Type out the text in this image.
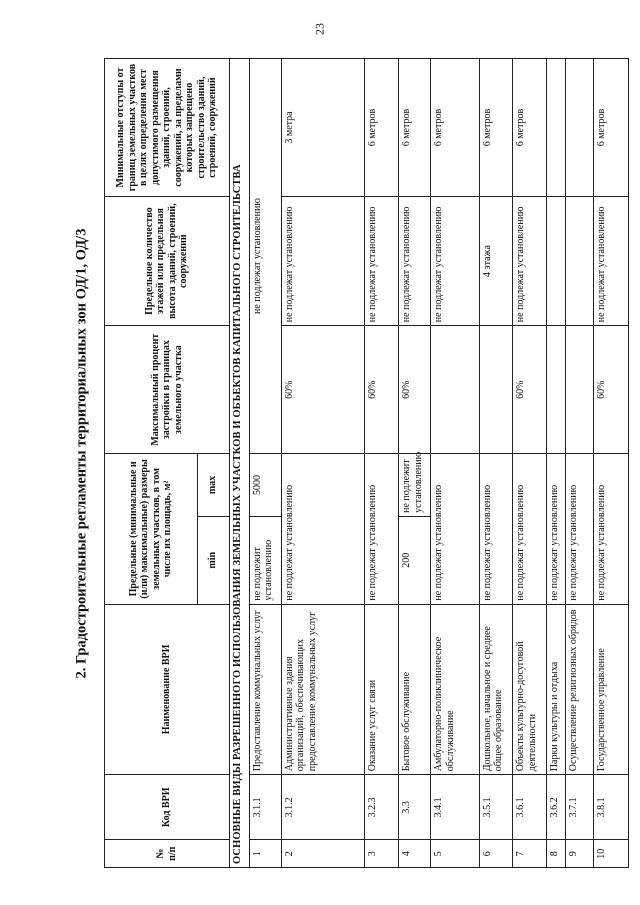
23
2. Градостроительные регламенты территориальных зон ОД/1, ОД/3
№ п/п	Код ВРИ	Наименование ВРИ	Предельные (минимальные и (или) максимальные) размеры земельных участков, в том числе их площадь, м²		Максимальный процент застройки в границах земельного участка	Предельное количество этажей или предельная высота зданий, строений, сооружений	Минимальные отступы от границ земельных участков в целях определения мест допустимого размещения зданий, строений, сооружений, за пределами которых запрещено строительство зданий, строений, сооружений
			min	max			
ОСНОВНЫЕ ВИДЫ РАЗРЕШЕННОГО ИСПОЛЬЗОВАНИЯ ЗЕМЕЛЬНЫХ УЧАСТКОВ И ОБЪЕКТОВ КАПИТАЛЬНОГО СТРОИТЕЛЬСТВА							
1	3.1.1	Предоставление коммунальных услуг	не подлежит установлению	5000	не подлежат установлению		
2	3.1.2	Административные здания организаций, обеспечивающих предоставление коммунальных услуг	не подлежат установлению		60%	не подлежат установлению	3 метра
3	3.2.3	Оказание услуг связи	не подлежат установлению		60%	не подлежат установлению	6 метров
4	3.3	Бытовое обслуживание	200	не подлежит установлению	60%	не подлежат установлению	6 метров
5	3.4.1	Амбулаторно-поликлиническое обслуживание	не подлежат установлению			не подлежат установлению	6 метров
6	3.5.1	Дошкольное, начальное и среднее общее образование	не подлежат установлению			4 этажа	6 метров
7	3.6.1	Объекты культурно-досуговой деятельности	не подлежат установлению		60%	не подлежат установлению	6 метров
8	3.6.2	Парки культуры и отдыха	не подлежат установлению				
9	3.7.1	Осуществление религиозных обрядов	не подлежат установлению				
10	3.8.1	Государственное управление	не подлежат установлению		60%	не подлежат установлению	6 метров
